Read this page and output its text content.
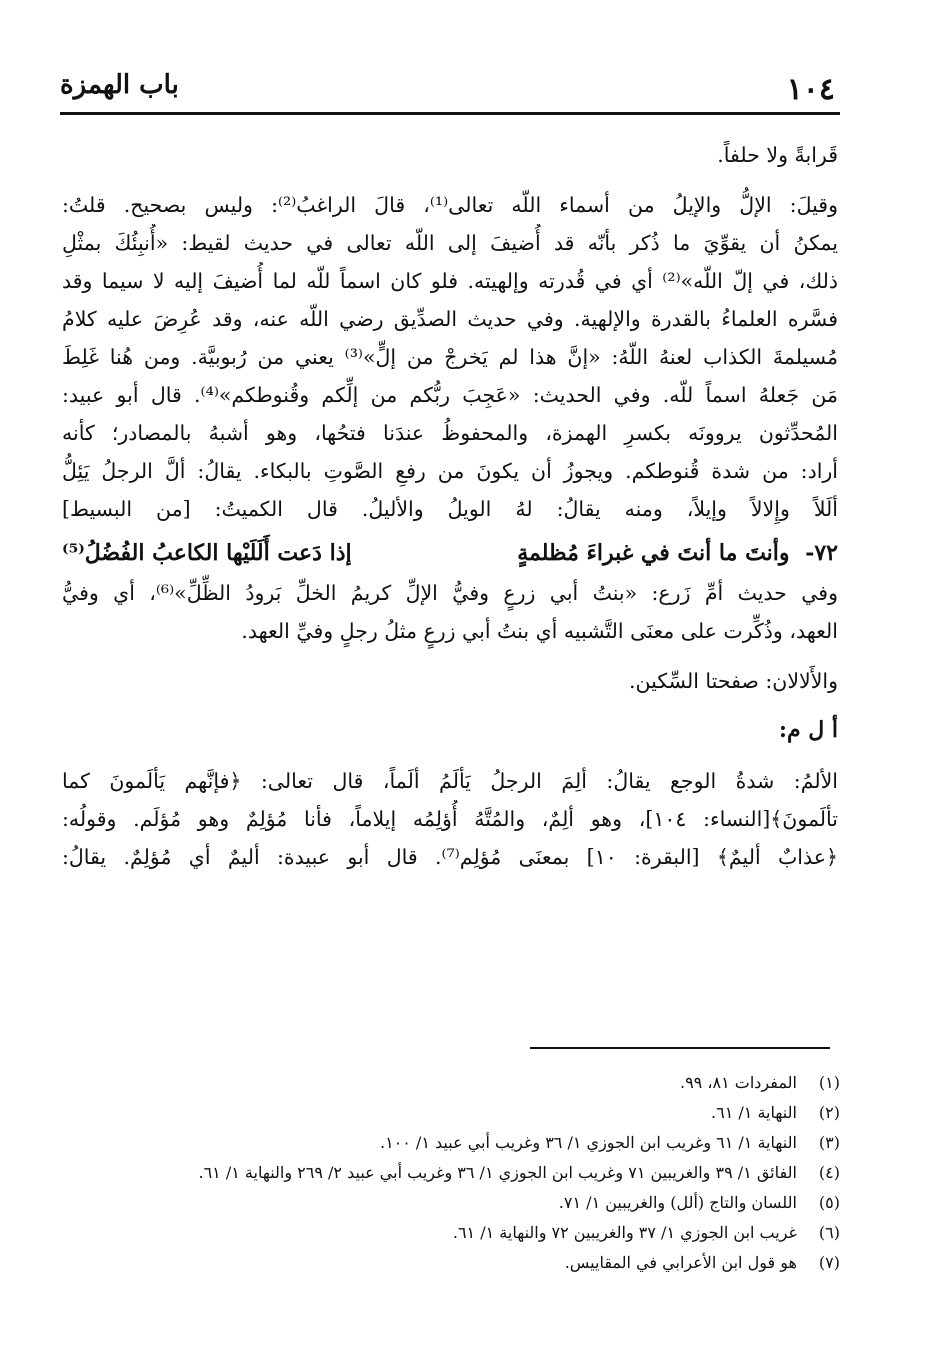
١٠٤
باب الهمزة
قَرابةً ولا حلفاً.
وقيلَ: الإلُّ والإيلُ من أسماء اللّه تعالى⁽¹⁾، قالَ الراغبُ⁽²⁾: وليس بصحيح. قلتُ:
يمكنُ أن يقوِّيَ ما ذُكر بأنّه قد أُضيفَ إلى اللّه تعالى في حديث لقيط: «أُنبِئُكَ بمثْلِ
ذلك، في إلّ اللّه»⁽²⁾ أي في قُدرته وإلهيته. فلو كان اسماً للّه لما أُضيفَ إليه لا سيما وقد
فسَّره العلماءُ بالقدرة والإلهية. وفي حديث الصدِّيق رضي اللّه عنه، وقد عُرِضَ عليه كلامُ
مُسيلمةَ الكذاب لعنهُ اللّهُ: «إنَّ هذا لم يَخرجْ من إلٍّ»⁽³⁾ يعني من رُبوبيَّة. ومن هُنا غَلِطَ
مَن جَعلهُ اسماً للّه. وفي الحديث: «عَجِبَ ربُّكم من إلِّكم وقُنوطكم»⁽⁴⁾. قال أبو عبيد:
المُحدِّثون يروونَه بكسرِ الهمزة، والمحفوظُ عندَنا فتحُها، وهو أشبهُ بالمصادر؛ كأنه
أراد: من شدة قُنوطكم. ويجوزُ أن يكونَ من رفعِ الصَّوتِ بالبكاء. يقالُ: ألَّ الرجلُ يَئِلُّ
ألَلاً وإِلالاً وإيلاً، ومنه يقالُ: لهُ الويلُ والأليلُ. قال الكميتُ: [من البسيط]
٧٢- وأنتَ ما أنتَ في غبراءَ مُظلمةٍ
إذا دَعت أَلَلَيْها الكاعبُ الفُضُلُ⁽⁵⁾
وفي حديث أمِّ زَرع: «بنتُ أبي زرعٍ وفيُّ الإلِّ كريمُ الخلِّ بَرودُ الظِّلِّ»⁽⁶⁾، أي وفيُّ
العهد، وذُكِّرت على معنَى التَّشبيه أي بنتُ أبي زرعٍ مثلُ رجلٍ وفيِّ العهد.
والأَلالان: صفحتا السِّكين.
أ ل م:
الألمُ: شدةُ الوجع يقالُ: ألِمَ الرجلُ يَألَمُ ألَماً، قال تعالى: ﴿فإنَّهم يَألَمونَ كما
تألَمونَ﴾[النساء: ١٠٤]، وهو ألِمٌ، والمُتَّهُ أُؤلِمُه إيلاماً، فأنا مُؤلِمٌ وهو مُؤلَم. وقولُه:
﴿عذابٌ أليمٌ﴾ [البقرة: ١٠] بمعنَى مُؤلِم⁽⁷⁾. قال أبو عبيدة: أليمٌ أي مُؤلِمٌ. يقالُ:
(١) المفردات ٨١، ٩٩.
(٢) النهاية ١/ ٦١.
(٣) النهاية ١/ ٦١ وغريب ابن الجوزي ١/ ٣٦ وغريب أبي عبيد ١/ ١٠٠.
(٤) الفائق ١/ ٣٩ والغريبين ٧١ وغريب ابن الجوزي ١/ ٣٦ وغريب أبي عبيد ٢/ ٢٦٩ والنهاية ١/ ٦١.
(٥) اللسان والتاج (ألل) والغريبين ١/ ٧١.
(٦) غريب ابن الجوزي ١/ ٣٧ والغريبين ٧٢ والنهاية ١/ ٦١.
(٧) هو قول ابن الأعرابي في المقاييس.
